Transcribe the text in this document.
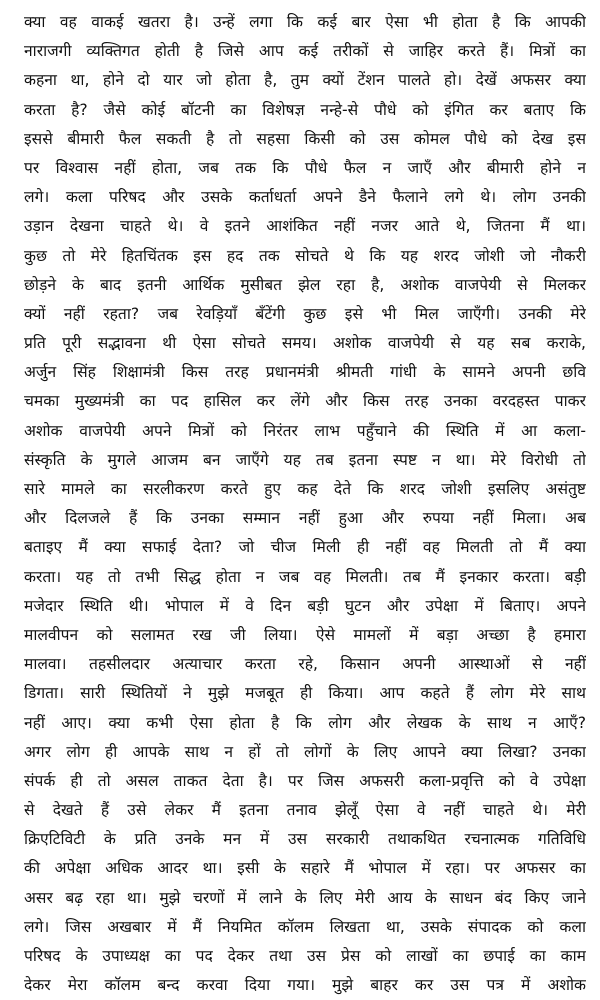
क्या वह वाकई खतरा है। उन्हें लगा कि कई बार ऐसा भी होता है कि आपकी
नाराजगी व्यक्तिगत होती है जिसे आप कई तरीकों से जाहिर करते हैं। मित्रों का
कहना था, होने दो यार जो होता है, तुम क्यों टेंशन पालते हो। देखें अफसर क्या
करता है? जैसे कोई बॉटनी का विशेषज्ञ नन्हे-से पौधे को इंगित कर बताए कि
इससे बीमारी फैल सकती है तो सहसा किसी को उस कोमल पौधे को देख इस
पर विश्वास नहीं होता, जब तक कि पौधे फैल न जाएँ और बीमारी होने न
लगे। कला परिषद और उसके कर्ताधर्ता अपने डैने फैलाने लगे थे। लोग उनकी
उड़ान देखना चाहते थे। वे इतने आशंकित नहीं नजर आते थे, जितना मैं था।
कुछ तो मेरे हितचिंतक इस हद तक सोचते थे कि यह शरद जोशी जो नौकरी
छोड़ने के बाद इतनी आर्थिक मुसीबत झेल रहा है, अशोक वाजपेयी से मिलकर
क्यों नहीं रहता? जब रेवड़ियाँ बँटेंगी कुछ इसे भी मिल जाएँगी। उनकी मेरे
प्रति पूरी सद्भावना थी ऐसा सोचते समय। अशोक वाजपेयी से यह सब कराके,
अर्जुन सिंह शिक्षामंत्री किस तरह प्रधानमंत्री श्रीमती गांधी के सामने अपनी छवि
चमका मुख्यमंत्री का पद हासिल कर लेंगे और किस तरह उनका वरदहस्त पाकर
अशोक वाजपेयी अपने मित्रों को निरंतर लाभ पहुँचाने की स्थिति में आ कला-
संस्कृति के मुगले आजम बन जाएँगे यह तब इतना स्पष्ट न था। मेरे विरोधी तो
सारे मामले का सरलीकरण करते हुए कह देते कि शरद जोशी इसलिए असंतुष्ट
और दिलजले हैं कि उनका सम्मान नहीं हुआ और रुपया नहीं मिला। अब
बताइए मैं क्या सफाई देता? जो चीज मिली ही नहीं वह मिलती तो मैं क्या
करता। यह तो तभी सिद्ध होता न जब वह मिलती। तब मैं इनकार करता। बड़ी
मजेदार स्थिति थी। भोपाल में वे दिन बड़ी घुटन और उपेक्षा में बिताए। अपने
मालवीपन को सलामत रख जी लिया। ऐसे मामलों में बड़ा अच्छा है हमारा
मालवा। तहसीलदार अत्याचार करता रहे, किसान अपनी आस्थाओं से नहीं
डिगता। सारी स्थितियों ने मुझे मजबूत ही किया। आप कहते हैं लोग मेरे साथ
नहीं आए। क्या कभी ऐसा होता है कि लोग और लेखक के साथ न आएँ?
अगर लोग ही आपके साथ न हों तो लोगों के लिए आपने क्या लिखा? उनका
संपर्क ही तो असल ताकत देता है। पर जिस अफसरी कला-प्रवृत्ति को वे उपेक्षा
से देखते हैं उसे लेकर मैं इतना तनाव झेलूँ ऐसा वे नहीं चाहते थे। मेरी
क्रिएटिविटी के प्रति उनके मन में उस सरकारी तथाकथित रचनात्मक गतिविधि
की अपेक्षा अधिक आदर था। इसी के सहारे मैं भोपाल में रहा। पर अफसर का
असर बढ़ रहा था। मुझे चरणों में लाने के लिए मेरी आय के साधन बंद किए जाने
लगे। जिस अखबार में मैं नियमित कॉलम लिखता था, उसके संपादक को कला
परिषद के उपाध्यक्ष का पद देकर तथा उस प्रेस को लाखों का छपाई का काम
देकर मेरा कॉलम बन्द करवा दिया गया। मुझे बाहर कर उस पत्र में अशोक
